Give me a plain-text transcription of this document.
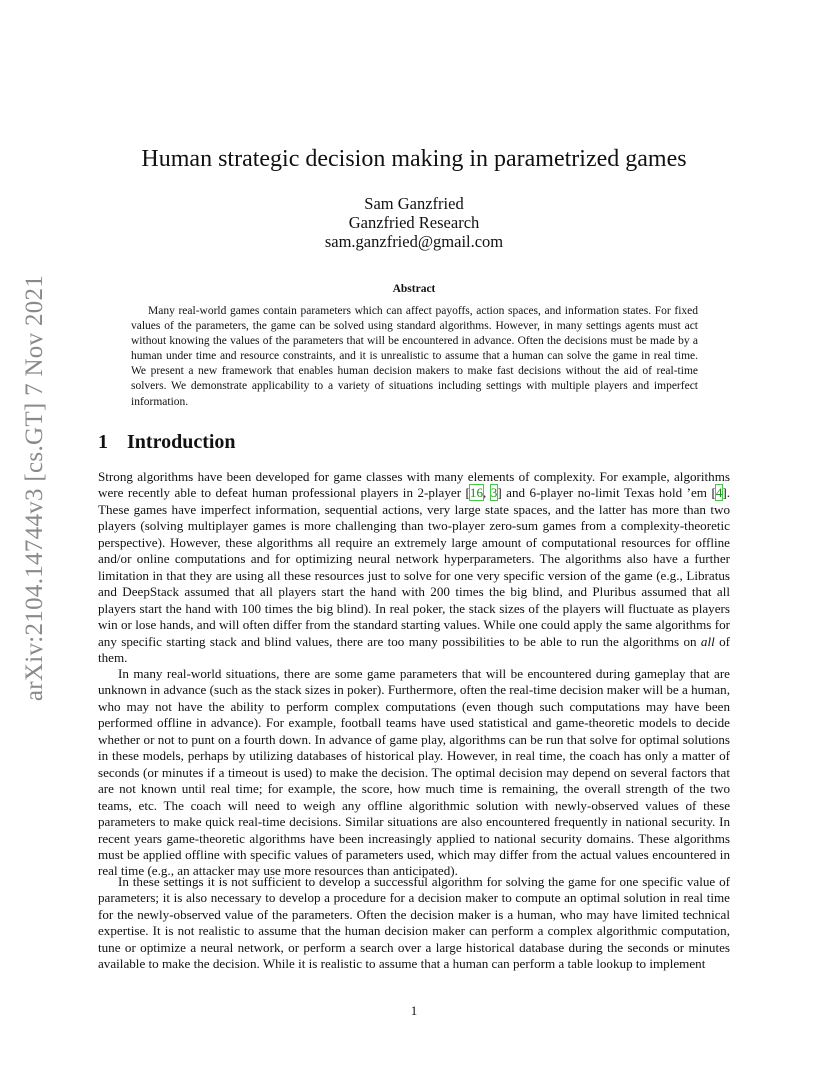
arXiv:2104.14744v3 [cs.GT] 7 Nov 2021
Human strategic decision making in parametrized games
Sam Ganzfried
Ganzfried Research
sam.ganzfried@gmail.com
Abstract

Many real-world games contain parameters which can affect payoffs, action spaces, and information states. For fixed values of the parameters, the game can be solved using standard algorithms. However, in many settings agents must act without knowing the values of the parameters that will be encountered in advance. Often the decisions must be made by a human under time and resource constraints, and it is unrealistic to assume that a human can solve the game in real time. We present a new framework that enables human decision makers to make fast decisions without the aid of real-time solvers. We demonstrate applicability to a variety of situations including settings with multiple players and imperfect information.

1 Introduction

Strong algorithms have been developed for game classes with many elements of complexity. For example, algorithms were recently able to defeat human professional players in 2-player [16, 3] and 6-player no-limit Texas hold ’em [4]. These games have imperfect information, sequential actions, very large state spaces, and the latter has more than two players (solving multiplayer games is more challenging than two-player zero-sum games from a complexity-theoretic perspective). However, these algorithms all require an extremely large amount of computational resources for offline and/or online computations and for optimizing neural network hyperparameters. The algorithms also have a further limitation in that they are using all these resources just to solve for one very specific version of the game (e.g., Libratus and DeepStack assumed that all players start the hand with 200 times the big blind, and Pluribus assumed that all players start the hand with 100 times the big blind). In real poker, the stack sizes of the players will fluctuate as players win or lose hands, and will often differ from the standard starting values. While one could apply the same algorithms for any specific starting stack and blind values, there are too many possibilities to be able to run the algorithms on all of them.

In many real-world situations, there are some game parameters that will be encountered during gameplay that are unknown in advance (such as the stack sizes in poker). Furthermore, often the real-time decision maker will be a human, who may not have the ability to perform complex computations (even though such computations may have been performed offline in advance). For example, football teams have used statistical and game-theoretic models to decide whether or not to punt on a fourth down. In advance of game play, algorithms can be run that solve for optimal solutions in these models, perhaps by utilizing databases of historical play. However, in real time, the coach has only a matter of seconds (or minutes if a timeout is used) to make the decision. The optimal decision may depend on several factors that are not known until real time; for example, the score, how much time is remaining, the overall strength of the two teams, etc. The coach will need to weigh any offline algorithmic solution with newly-observed values of these parameters to make quick real-time decisions. Similar situations are also encountered frequently in national security. In recent years game-theoretic algorithms have been increasingly applied to national security domains. These algorithms must be applied offline with specific values of parameters used, which may differ from the actual values encountered in real time (e.g., an attacker may use more resources than anticipated).

In these settings it is not sufficient to develop a successful algorithm for solving the game for one specific value of parameters; it is also necessary to develop a procedure for a decision maker to compute an optimal solution in real time for the newly-observed value of the parameters. Often the decision maker is a human, who may have limited technical expertise. It is not realistic to assume that the human decision maker can perform a complex algorithmic computation, tune or optimize a neural network, or perform a search over a large historical database during the seconds or minutes available to make the decision. While it is realistic to assume that a human can perform a table lookup to implement

1
